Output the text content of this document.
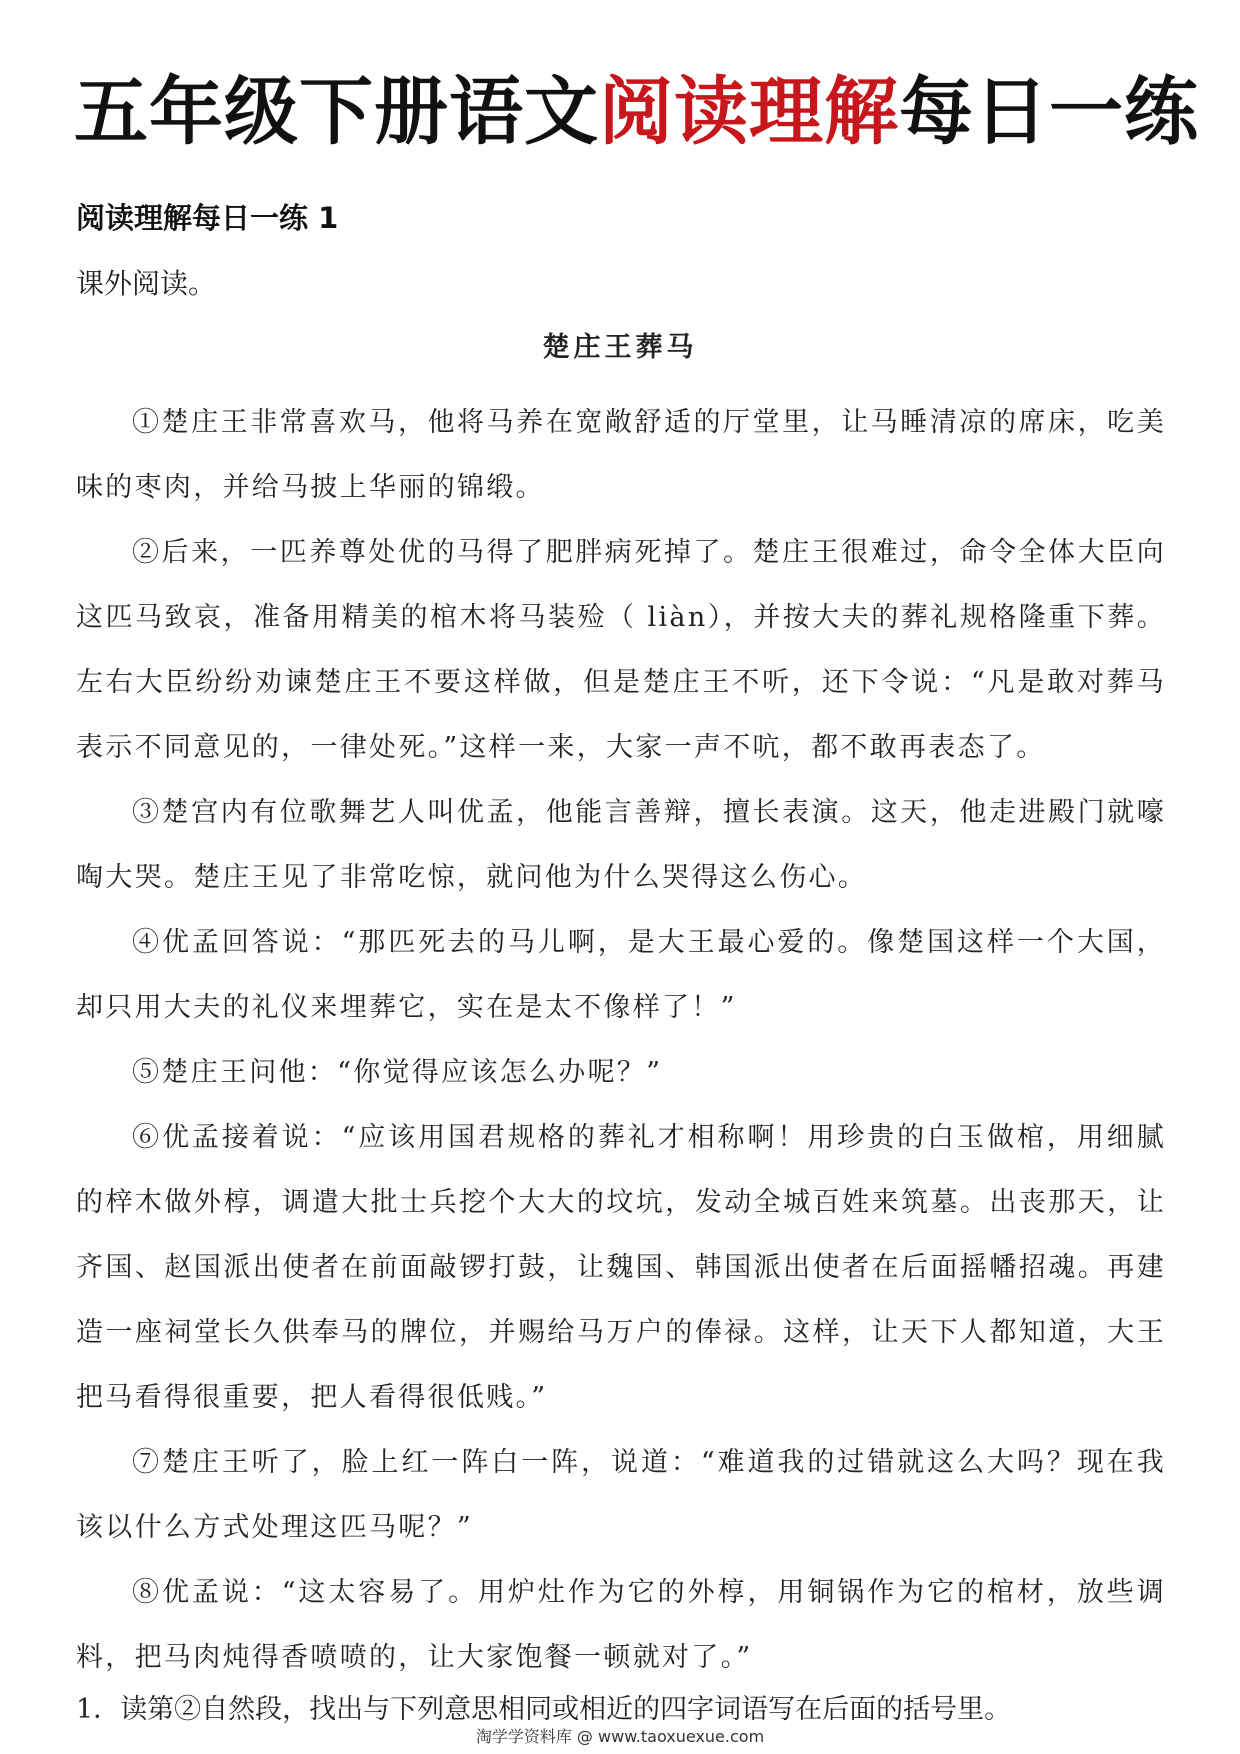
五年级下册语文阅读理解每日一练
阅读理解每日一练 1

课外阅读。

楚庄王葬马

①楚庄王非常喜欢马，他将马养在宽敞舒适的厅堂里，让马睡清凉的席床，吃美味的枣肉，并给马披上华丽的锦缎。

②后来，一匹养尊处优的马得了肥胖病死掉了。楚庄王很难过，命令全体大臣向这匹马致哀，准备用精美的棺木将马装殓（ liàn），并按大夫的葬礼规格隆重下葬。左右大臣纷纷劝谏楚庄王不要这样做，但是楚庄王不听，还下令说：“凡是敢对葬马表示不同意见的，一律处死。”这样一来，大家一声不吭，都不敢再表态了。

③楚宫内有位歌舞艺人叫优孟，他能言善辩，擅长表演。这天，他走进殿门就嚎啕大哭。楚庄王见了非常吃惊，就问他为什么哭得这么伤心。

④优孟回答说：“那匹死去的马儿啊，是大王最心爱的。像楚国这样一个大国，却只用大夫的礼仪来埋葬它，实在是太不像样了！”

⑤楚庄王问他：“你觉得应该怎么办呢？”

⑥优孟接着说：“应该用国君规格的葬礼才相称啊！用珍贵的白玉做棺，用细腻的梓木做外椁，调遣大批士兵挖个大大的坟坑，发动全城百姓来筑墓。出丧那天，让齐国、赵国派出使者在前面敲锣打鼓，让魏国、韩国派出使者在后面摇幡招魂。再建造一座祠堂长久供奉马的牌位，并赐给马万户的俸禄。这样，让天下人都知道，大王把马看得很重要，把人看得很低贱。”

⑦楚庄王听了，脸上红一阵白一阵，说道：“难道我的过错就这么大吗？现在我该以什么方式处理这匹马呢？”

⑧优孟说：“这太容易了。用炉灶作为它的外椁，用铜锅作为它的棺材，放些调料，把马肉炖得香喷喷的，让大家饱餐一顿就对了。”

1．读第②自然段，找出与下列意思相同或相近的四字词语写在后面的括号里。

淘学学资料库 @ www.taoxuexue.com
